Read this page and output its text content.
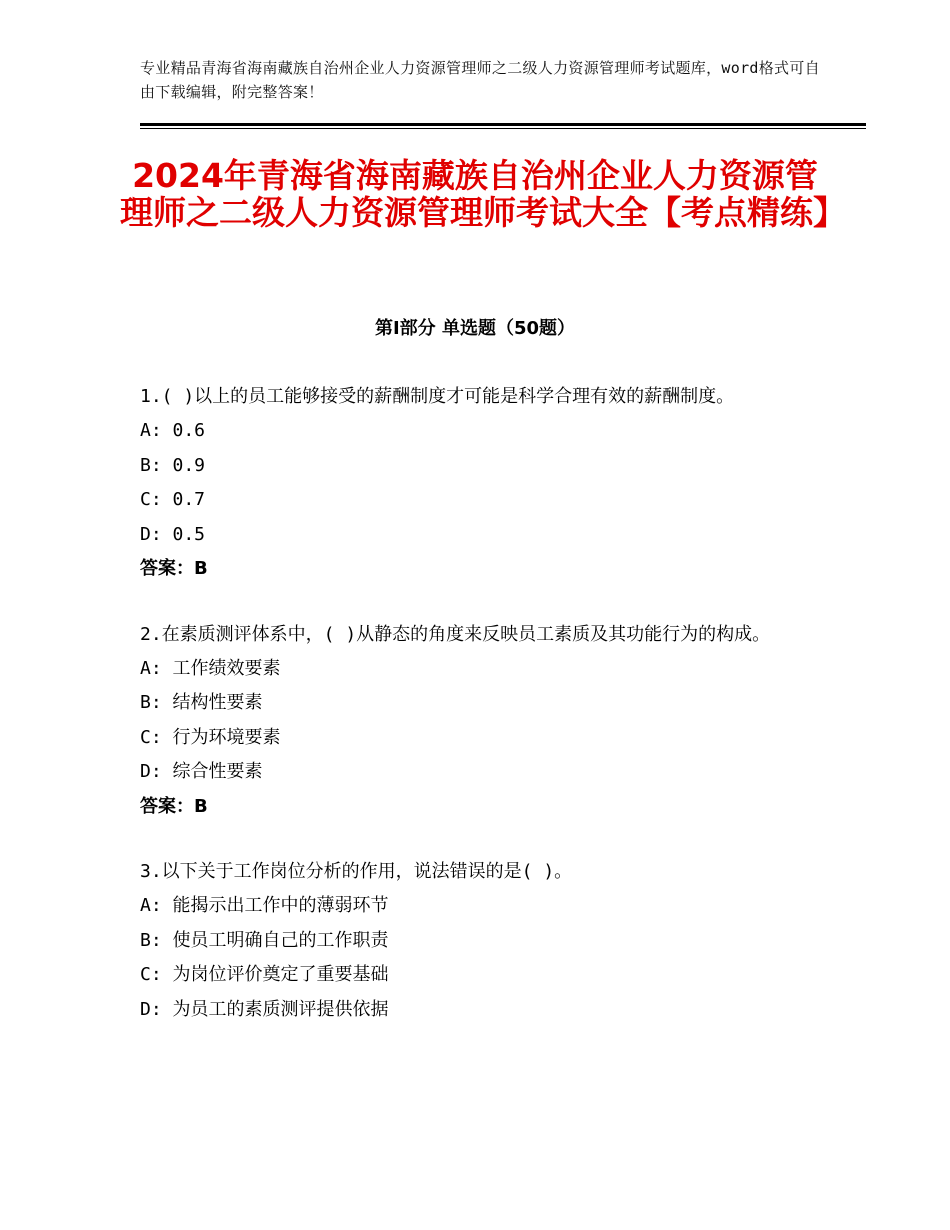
专业精品青海省海南藏族自治州企业人力资源管理师之二级人力资源管理师考试题库，word格式可自由下载编辑，附完整答案！
2024年青海省海南藏族自治州企业人力资源管理师之二级人力资源管理师考试大全【考点精练】
第Ⅰ部分 单选题（50题）

1.( )以上的员工能够接受的薪酬制度才可能是科学合理有效的薪酬制度。

A: 0.6

B: 0.9

C: 0.7

D: 0.5

答案：B

2.在素质测评体系中，( )从静态的角度来反映员工素质及其功能行为的构成。

A: 工作绩效要素

B: 结构性要素

C: 行为环境要素

D: 综合性要素

答案：B

3.以下关于工作岗位分析的作用，说法错误的是( )。

A: 能揭示出工作中的薄弱环节

B: 使员工明确自己的工作职责

C: 为岗位评价奠定了重要基础

D: 为员工的素质测评提供依据
